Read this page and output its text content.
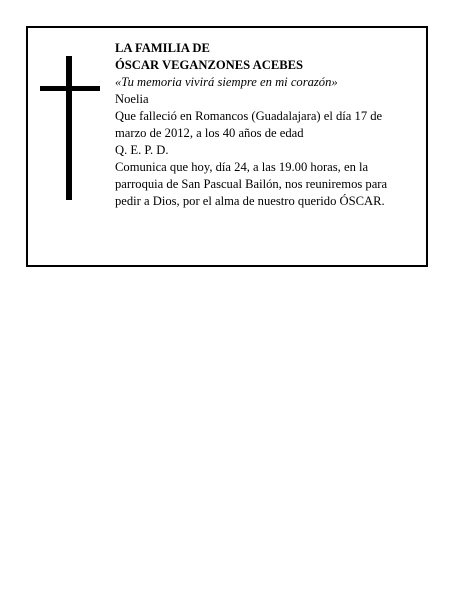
LA FAMILIA DE

ÓSCAR VEGANZONES ACEBES

«Tu memoria vivirá siempre en mi corazón»

Noelia

Que falleció en Romancos (Guadalajara) el día 17 de marzo de 2012, a los 40 años de edad

Q. E. P. D.

Comunica que hoy, día 24, a las 19.00 horas, en la parroquia de San Pascual Bailón, nos reuniremos para pedir a Dios, por el alma de nuestro querido ÓSCAR.
